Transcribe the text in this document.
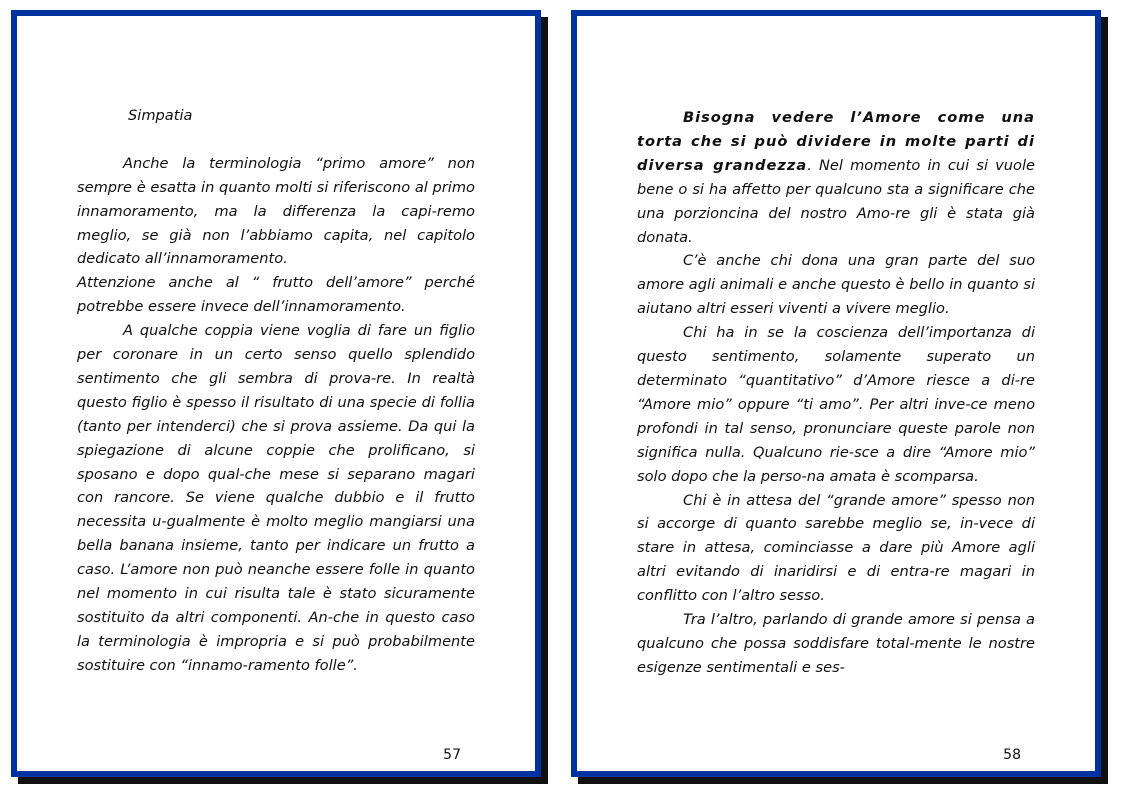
Simpatia

Anche la terminologia “primo amore” non sempre è esatta in quanto molti si riferiscono al primo innamoramento, ma la differenza la capi-remo meglio, se già non l’abbiamo capita, nel capitolo dedicato all’innamoramento.

Attenzione anche al “ frutto dell’amore” perché potrebbe essere invece dell’innamoramento.

A qualche coppia viene voglia di fare un figlio per coronare in un certo senso quello splendido sentimento che gli sembra di prova-re. In realtà questo figlio è spesso il risultato di una specie di follia (tanto per intenderci) che si prova assieme. Da qui la spiegazione di alcune coppie che prolificano, si sposano e dopo qual-che mese si separano magari con rancore. Se viene qualche dubbio e il frutto necessita u-gualmente è molto meglio mangiarsi una bella banana insieme, tanto per indicare un frutto a caso. L’amore non può neanche essere folle in quanto nel momento in cui risulta tale è stato sicuramente sostituito da altri componenti. An-che in questo caso la terminologia è impropria e si può probabilmente sostituire con “innamo-ramento folle”.

57

Bisogna vedere l’Amore come una torta che si può dividere in molte parti di diversa grandezza. Nel momento in cui si vuole bene o si ha affetto per qualcuno sta a significare che una porzioncina del nostro Amo-re gli è stata già donata.

C’è anche chi dona una gran parte del suo amore agli animali e anche questo è bello in quanto si aiutano altri esseri viventi a vivere meglio.

Chi ha in se la coscienza dell’importanza di questo sentimento, solamente superato un determinato “quantitativo” d’Amore riesce a di-re “Amore mio” oppure “ti amo”. Per altri inve-ce meno profondi in tal senso, pronunciare queste parole non significa nulla. Qualcuno rie-sce a dire “Amore mio” solo dopo che la perso-na amata è scomparsa.

Chi è in attesa del “grande amore” spesso non si accorge di quanto sarebbe meglio se, in-vece di stare in attesa, cominciasse a dare più Amore agli altri evitando di inaridirsi e di entra-re magari in conflitto con l’altro sesso.

Tra l’altro, parlando di grande amore si pensa a qualcuno che possa soddisfare total-mente le nostre esigenze sentimentali e ses-

58
